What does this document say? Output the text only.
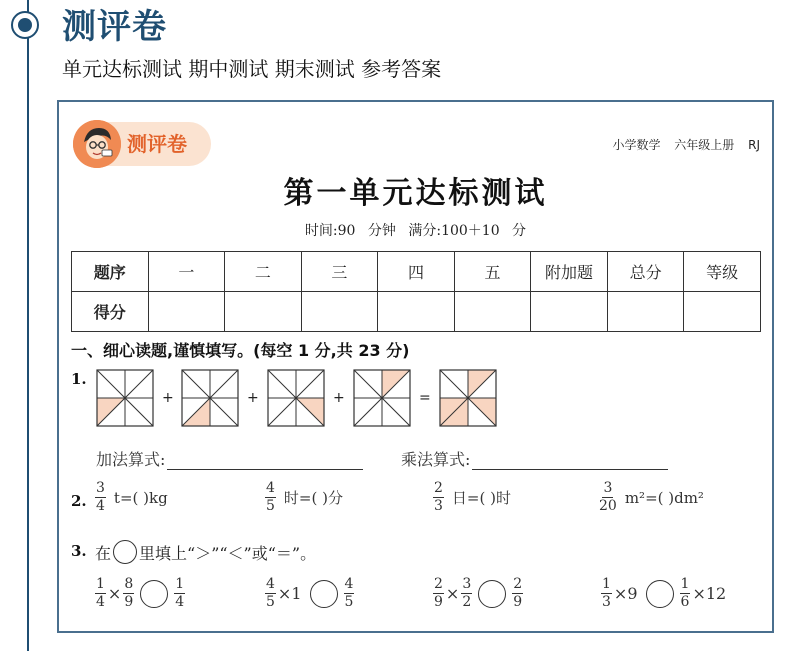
测评卷
单元达标测试 期中测试 期末测试 参考答案
测评卷	小学数学 六年级上册 RJ
第一单元达标测试
时间:90 分钟 满分:100＋10 分
题序	一	二	三	四	五	附加题	总分	等级
得分								
一、细心读题,谨慎填写。(每空 1 分,共 23 分)
1.
+	+	+	=
加法算式:	乘法算式:
2. $\frac{3}{4} t=$( )kg	$\frac{4}{5}$ 时=( )分	$\frac{2}{3}$ 日=( )时	$\frac{3}{20} m^2=$( )dm²
3. 在 里填上“＞”“＜”或“＝”。
$\frac{1}{4} \times \frac{8}{9}$	$\frac{1}{4}$	$\frac{4}{5} \times 1$	$\frac{4}{5}$	$\frac{2}{9} \times \frac{3}{2}$	$\frac{2}{9}$	$\frac{1}{3} \times 9$	$\frac{1}{6} \times 12$
